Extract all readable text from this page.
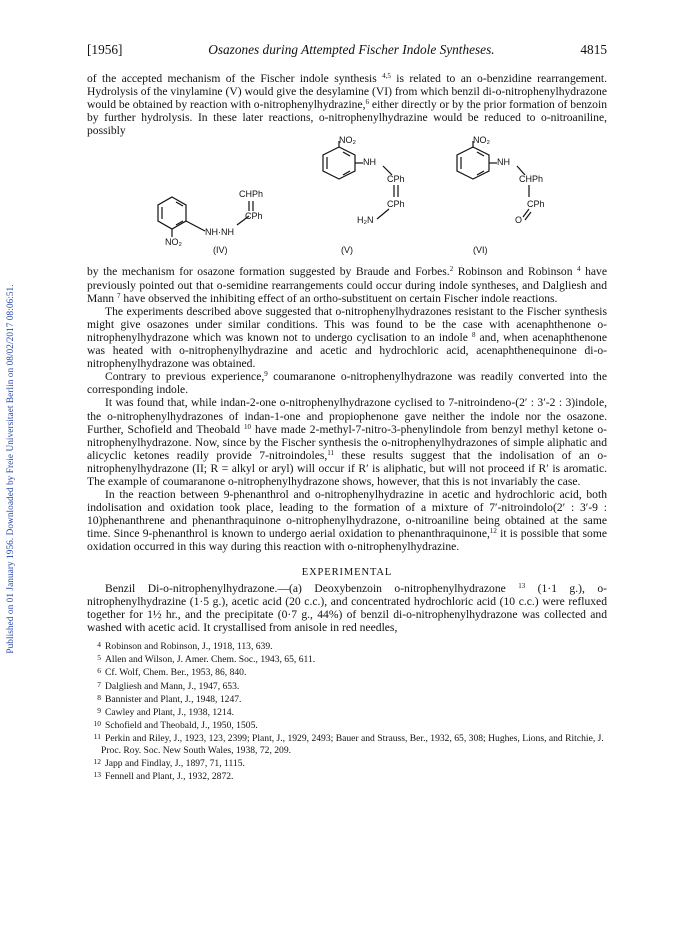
Published on 01 January 1956. Downloaded by Freie Universitaet Berlin on 08/02/2017 08:06:51.
[1956]	Osazones during Attempted Fischer Indole Syntheses.	4815

of the accepted mechanism of the Fischer indole synthesis $^{4,5}$ is related to an o-benzidine rearrangement. Hydrolysis of the vinylamine (V) would give the desylamine (VI) from which benzil di-o-nitrophenylhydrazone would be obtained by reaction with o-nitrophenylhydrazine,$^6$ either directly or by the prior formation of benzoin by further hydrolysis. In these later reactions, o-nitrophenylhydrazine would be reduced to o-nitroaniline, possibly

CHPh
CPh
NH·NH
NO₂
NO₂
NH
CPh
CPh
H₂N
NO₂
NH
CHPh
CPh
O
(IV)	(V)	(VI)

by the mechanism for osazone formation suggested by Braude and Forbes.$^2$ Robinson and Robinson $^4$ have previously pointed out that o-semidine rearrangements could occur during indole syntheses, and Dalgliesh and Mann $^7$ have observed the inhibiting effect of an ortho-substituent on certain Fischer indole reactions.

The experiments described above suggested that o-nitrophenylhydrazones resistant to the Fischer synthesis might give osazones under similar conditions. This was found to be the case with acenaphthenone o-nitrophenylhydrazone which was known not to undergo cyclisation to an indole $^8$ and, when acenaphthenone was heated with o-nitrophenylhydrazine and acetic and hydrochloric acid, acenaphthenequinone di-o-nitrophenylhydrazone was obtained.

Contrary to previous experience,$^9$ coumaranone o-nitrophenylhydrazone was readily converted into the corresponding indole.

It was found that, while indan-2-one o-nitrophenylhydrazone cyclised to 7-nitroindeno-(2′ : 3′-2 : 3)indole, the o-nitrophenylhydrazones of indan-1-one and propiophenone gave neither the indole nor the osazone. Further, Schofield and Theobald $^{10}$ have made 2-methyl-7-nitro-3-phenylindole from benzyl methyl ketone o-nitrophenylhydrazone. Now, since by the Fischer synthesis the o-nitrophenylhydrazones of simple aliphatic and alicyclic ketones readily provide 7-nitroindoles,$^{11}$ these results suggest that the indolisation of an o-nitrophenylhydrazone (II; R = alkyl or aryl) will occur if R′ is aliphatic, but will not proceed if R′ is aromatic. The example of coumaranone o-nitrophenylhydrazone shows, however, that this is not invariably the case.

In the reaction between 9-phenanthrol and o-nitrophenylhydrazine in acetic and hydrochloric acid, both indolisation and oxidation took place, leading to the formation of a mixture of 7′-nitroindolo(2′ : 3′-9 : 10)phenanthrene and phenanthraquinone o-nitrophenylhydrazone, o-nitroaniline being obtained at the same time. Since 9-phenanthrol is known to undergo aerial oxidation to phenanthraquinone,$^{12}$ it is possible that some oxidation occurred in this way during this reaction with o-nitrophenylhydrazine.

EXPERIMENTAL

Benzil Di-o-nitrophenylhydrazone.—(a) Deoxybenzoin o-nitrophenylhydrazone $^{13}$ (1·1 g.), o-nitrophenylhydrazine (1·5 g.), acetic acid (20 c.c.), and concentrated hydrochloric acid (10 c.c.) were refluxed together for 1½ hr., and the precipitate (0·7 g., 44%) of benzil di-o-nitrophenylhydrazone was collected and washed with acetic acid. It crystallised from anisole in red needles,

4 Robinson and Robinson, J., 1918, 113, 639.
5 Allen and Wilson, J. Amer. Chem. Soc., 1943, 65, 611.
6 Cf. Wolf, Chem. Ber., 1953, 86, 840.
7 Dalgliesh and Mann, J., 1947, 653.
8 Bannister and Plant, J., 1948, 1247.
9 Cawley and Plant, J., 1938, 1214.
10 Schofield and Theobald, J., 1950, 1505.
11 Perkin and Riley, J., 1923, 123, 2399; Plant, J., 1929, 2493; Bauer and Strauss, Ber., 1932, 65, 308; Hughes, Lions, and Ritchie, J. Proc. Roy. Soc. New South Wales, 1938, 72, 209.
12 Japp and Findlay, J., 1897, 71, 1115.
13 Fennell and Plant, J., 1932, 2872.
